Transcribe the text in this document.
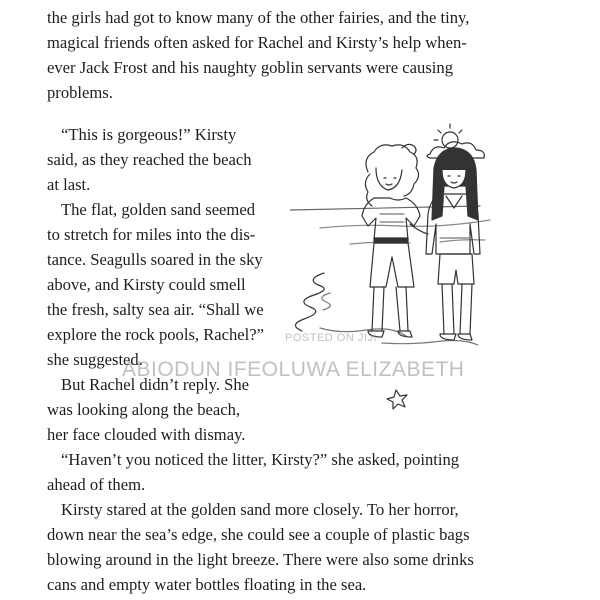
the girls had got to know many of the other fairies, and the tiny,
magical friends often asked for Rachel and Kirsty’s help when-
ever Jack Frost and his naughty goblin servants were causing
problems.
“This is gorgeous!” Kirsty
said, as they reached the beach
at last.
The flat, golden sand seemed
to stretch for miles into the dis-
tance. Seagulls soared in the sky
above, and Kirsty could smell
the fresh, salty sea air. “Shall we
explore the rock pools, Rachel?”
she suggested.
But Rachel didn’t reply. She
was looking along the beach,
her face clouded with dismay.
“Haven’t you noticed the litter, Kirsty?” she asked, pointing
ahead of them.
Kirsty stared at the golden sand more closely. To her horror,
down near the sea’s edge, she could see a couple of plastic bags
blowing around in the light breeze. There were also some drinks
cans and empty water bottles floating in the sea.
POSTED ON JIJI
ABIODUN IFEOLUWA ELIZABETH
